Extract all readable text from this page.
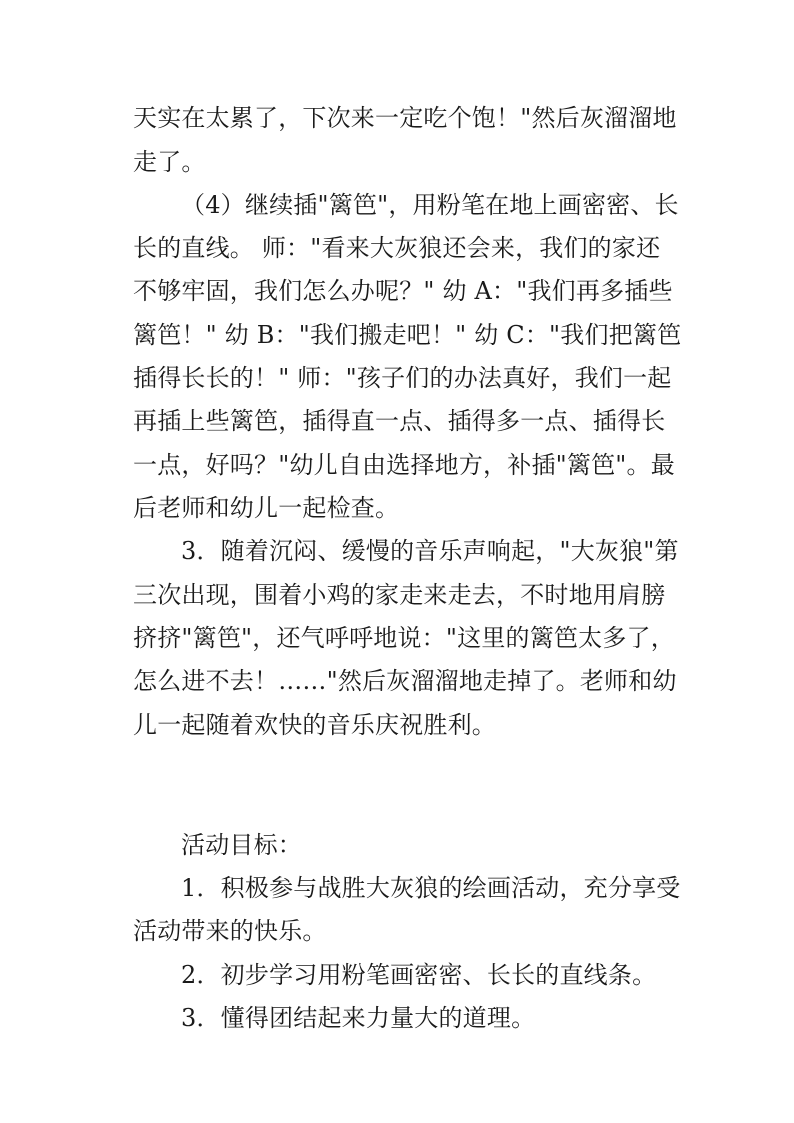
天实在太累了，下次来一定吃个饱！"然后灰溜溜地
走了。
（4）继续插"篱笆"，用粉笔在地上画密密、长
长的直线。 师："看来大灰狼还会来，我们的家还
不够牢固，我们怎么办呢？" 幼 A："我们再多插些
篱笆！" 幼 B："我们搬走吧！" 幼 C："我们把篱笆
插得长长的！" 师："孩子们的办法真好，我们一起
再插上些篱笆，插得直一点、插得多一点、插得长
一点，好吗？"幼儿自由选择地方，补插"篱笆"。最
后老师和幼儿一起检查。
3．随着沉闷、缓慢的音乐声响起，"大灰狼"第
三次出现，围着小鸡的家走来走去，不时地用肩膀
挤挤"篱笆"，还气呼呼地说："这里的篱笆太多了，
怎么进不去！……"然后灰溜溜地走掉了。老师和幼
儿一起随着欢快的音乐庆祝胜利。
活动目标：
1．积极参与战胜大灰狼的绘画活动，充分享受
活动带来的快乐。
2．初步学习用粉笔画密密、长长的直线条。
3．懂得团结起来力量大的道理。
